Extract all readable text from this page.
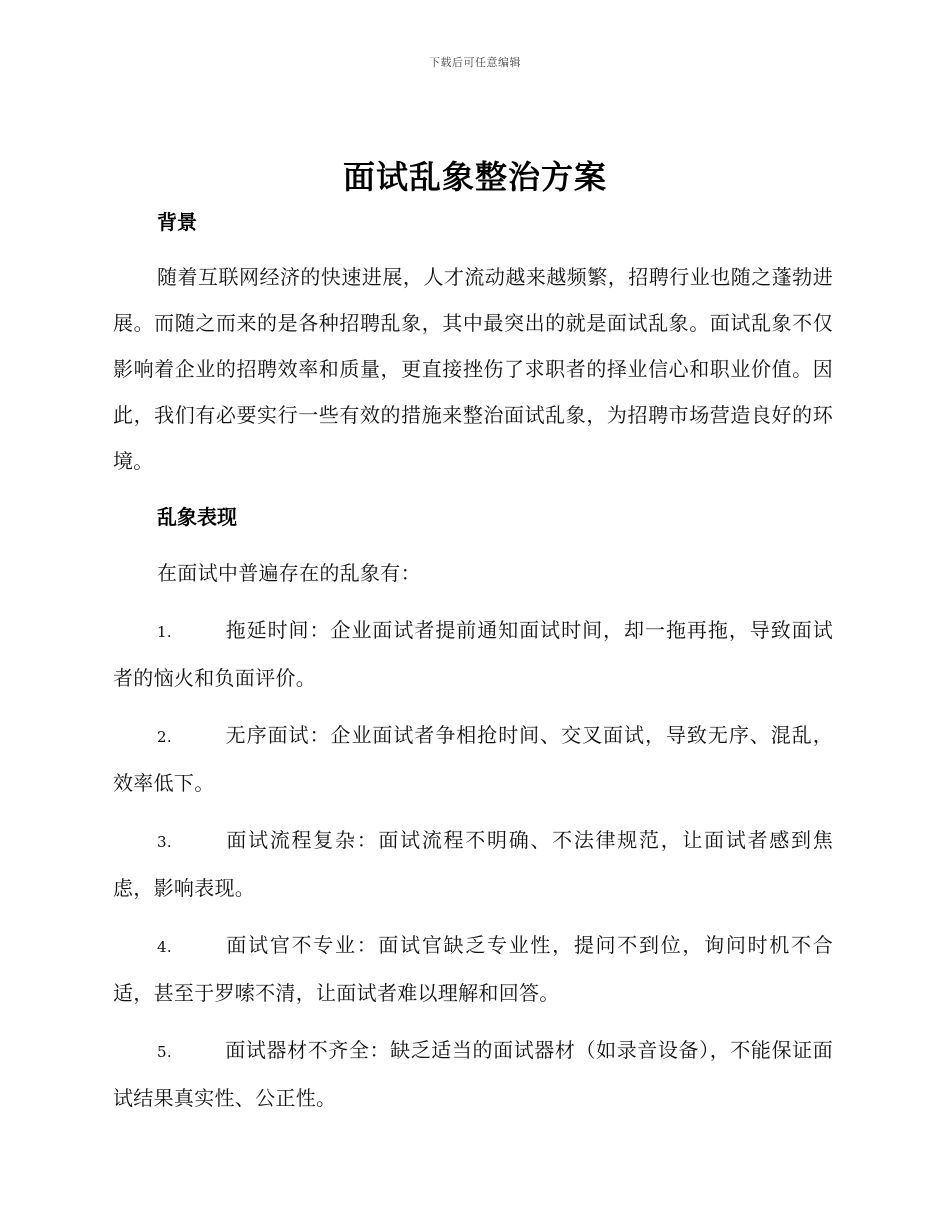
下载后可任意编辑
面试乱象整治方案
背景

随着互联网经济的快速进展，人才流动越来越频繁，招聘行业也随之蓬勃进展。而随之而来的是各种招聘乱象，其中最突出的就是面试乱象。面试乱象不仅影响着企业的招聘效率和质量，更直接挫伤了求职者的择业信心和职业价值。因此，我们有必要实行一些有效的措施来整治面试乱象，为招聘市场营造良好的环境。

乱象表现

在面试中普遍存在的乱象有：

1.	拖延时间：企业面试者提前通知面试时间，却一拖再拖，导致面试者的恼火和负面评价。

2.	无序面试：企业面试者争相抢时间、交叉面试，导致无序、混乱，效率低下。

3.	面试流程复杂：面试流程不明确、不法律规范，让面试者感到焦虑，影响表现。

4.	面试官不专业：面试官缺乏专业性，提问不到位，询问时机不合适，甚至于罗嗦不清，让面试者难以理解和回答。

5.	面试器材不齐全：缺乏适当的面试器材（如录音设备），不能保证面试结果真实性、公正性。
